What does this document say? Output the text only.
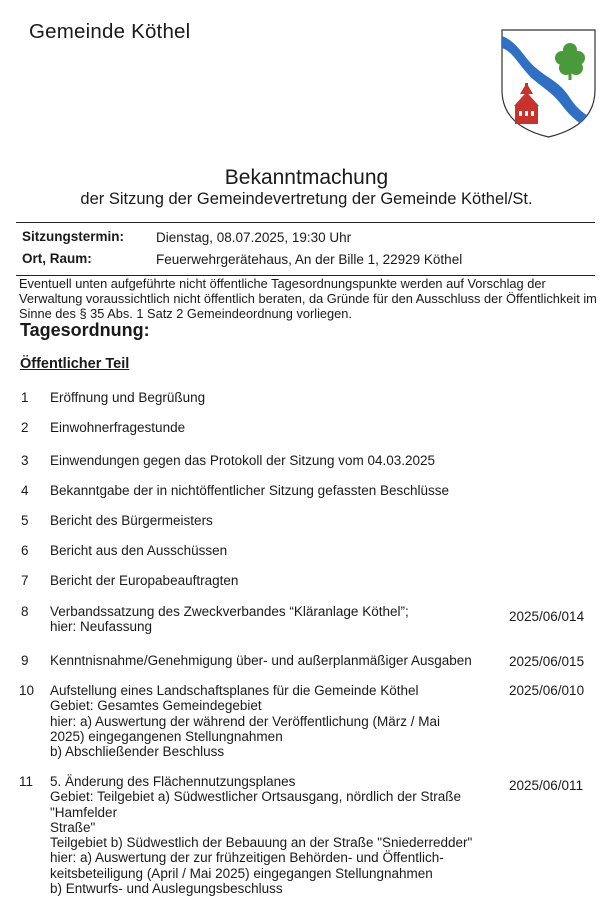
Gemeinde Köthel
Bekanntmachung
der Sitzung der Gemeindevertretung der Gemeinde Köthel/St.
Sitzungstermin: Dienstag, 08.07.2025, 19:30 Uhr
Ort, Raum:	Feuerwehrgerätehaus, An der Bille 1, 22929 Köthel
Eventuell unten aufgeführte nicht öffentliche Tagesordnungspunkte werden auf Vorschlag der Verwaltung voraussichtlich nicht öffentlich beraten, da Gründe für den Ausschluss der Öffentlichkeit im Sinne des § 35 Abs. 1 Satz 2 Gemeindeordnung vorliegen.
Tagesordnung:
Öffentlicher Teil
1 Eröffnung und Begrüßung
2 Einwohnerfragestunde
3 Einwendungen gegen das Protokoll der Sitzung vom 04.03.2025
4 Bekanntgabe der in nichtöffentlicher Sitzung gefassten Beschlüsse
5 Bericht des Bürgermeisters
6 Bericht aus den Ausschüssen
7 Bericht der Europabeauftragten
8 Verbandssatzung des Zweckverbandes “Kläranlage Köthel”;
hier: Neufassung
2025/06/014
9 Kenntnisnahme/Genehmigung über- und außerplanmäßiger Ausgaben	2025/06/015
10 Aufstellung eines Landschaftsplanes für die Gemeinde Köthel
Gebiet: Gesamtes Gemeindegebiet
hier: a) Auswertung der während der Veröffentlichung (März / Mai
2025) eingegangenen Stellungnahmen
b) Abschließender Beschluss
2025/06/010
11 5. Änderung des Flächennutzungsplanes
Gebiet: Teilgebiet a) Südwestlicher Ortsausgang, nördlich der Straße
"Hamfelder
Straße"
Teilgebiet b) Südwestlich der Bebauung an der Straße "Sniederredder"
hier: a) Auswertung der zur frühzeitigen Behörden- und Öffentlich-
keitsbeteiligung (April / Mai 2025) eingegangen Stellungnahmen
b) Entwurfs- und Auslegungsbeschluss
2025/06/011
